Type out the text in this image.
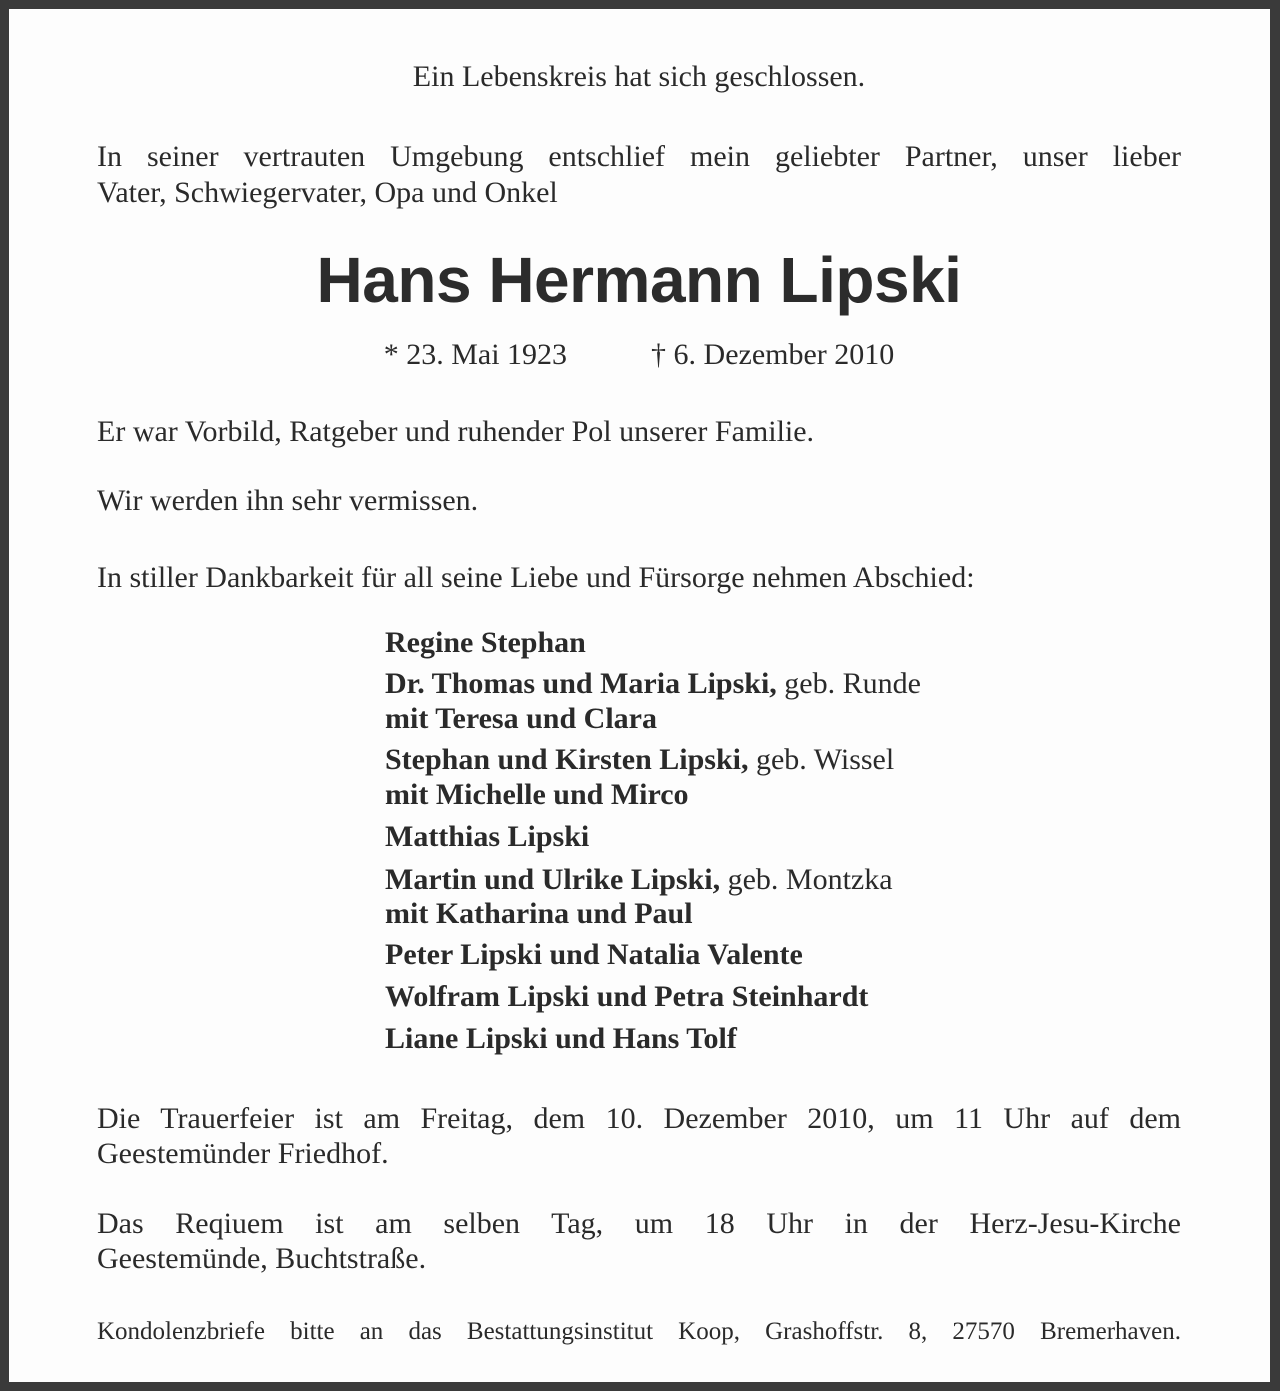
Ein Lebenskreis hat sich geschlossen.
In seiner vertrauten Umgebung entschlief mein geliebter Partner, unser lieber
Vater, Schwiegervater, Opa und Onkel
Hans Hermann Lipski
* 23. Mai 1923	† 6. Dezember 2010
Er war Vorbild, Ratgeber und ruhender Pol unserer Familie.
Wir werden ihn sehr vermissen.
In stiller Dankbarkeit für all seine Liebe und Fürsorge nehmen Abschied:
Regine Stephan
Dr. Thomas und Maria Lipski, geb. Runde
mit Teresa und Clara
Stephan und Kirsten Lipski, geb. Wissel
mit Michelle und Mirco
Matthias Lipski
Martin und Ulrike Lipski, geb. Montzka
mit Katharina und Paul
Peter Lipski und Natalia Valente
Wolfram Lipski und Petra Steinhardt
Liane Lipski und Hans Tolf
Die Trauerfeier ist am Freitag, dem 10. Dezember 2010, um 11 Uhr auf dem
Geestemünder Friedhof.
Das Reqiuem ist am selben Tag, um 18 Uhr in der Herz-Jesu-Kirche
Geestemünde, Buchtstraße.
Kondolenzbriefe bitte an das Bestattungsinstitut Koop, Grashoffstr. 8, 27570 Bremerhaven.
